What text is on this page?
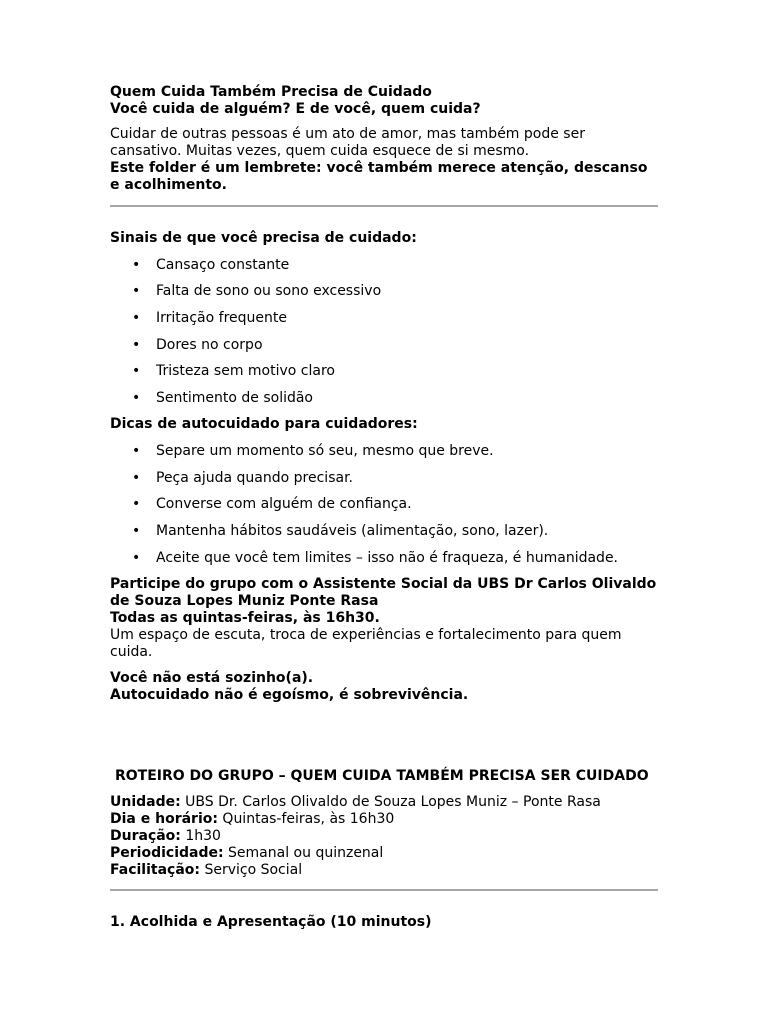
Quem Cuida Também Precisa de Cuidado

Você cuida de alguém? E de você, quem cuida?

Cuidar de outras pessoas é um ato de amor, mas também pode ser cansativo. Muitas vezes, quem cuida esquece de si mesmo.

Este folder é um lembrete: você também merece atenção, descanso e acolhimento.

Sinais de que você precisa de cuidado:

• Cansaço constante
• Falta de sono ou sono excessivo
• Irritação frequente
• Dores no corpo
• Tristeza sem motivo claro
• Sentimento de solidão

Dicas de autocuidado para cuidadores:

• Separe um momento só seu, mesmo que breve.
• Peça ajuda quando precisar.
• Converse com alguém de confiança.
• Mantenha hábitos saudáveis (alimentação, sono, lazer).
• Aceite que você tem limites – isso não é fraqueza, é humanidade.

Participe do grupo com o Assistente Social da UBS Dr Carlos Olivaldo de Souza Lopes Muniz Ponte Rasa

Todas as quintas-feiras, às 16h30.

Um espaço de escuta, troca de experiências e fortalecimento para quem cuida.

Você não está sozinho(a).

Autocuidado não é egoísmo, é sobrevivência.

ROTEIRO DO GRUPO – QUEM CUIDA TAMBÉM PRECISA SER CUIDADO

Unidade: UBS Dr. Carlos Olivaldo de Souza Lopes Muniz – Ponte Rasa

Dia e horário: Quintas-feiras, às 16h30

Duração: 1h30

Periodicidade: Semanal ou quinzenal

Facilitação: Serviço Social

1. Acolhida e Apresentação (10 minutos)
